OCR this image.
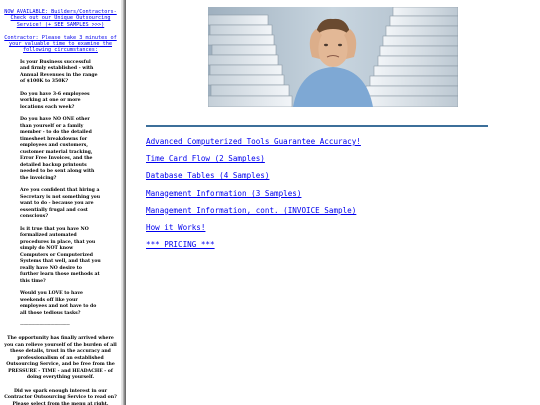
NOW AVAILABLE: Builders/Contractors-Check out our Unique Outsourcing Service! (+ SEE SAMPLES >>>)
Contractor: Please take 3 minutes of your valuable time to examine the following circumstances:
Is your Business successful and firmly established - with Annual Revenues in the range of $100K to 350K?
Do you have 3-6 employees working at one or more locations each week?
Do you have NO ONE other than yourself or a family member - to do the detailed timesheet breakdowns for employees and customers, customer material tracking, Error Free Invoices, and the detailed backup printouts needed to be sent along with the invoicing?
Are you confident that hiring a Secretary is not something you want to do - because you are essentially frugal and cost conscious?
Is it true that you have NO formalized automated procedures in place, that you simply do NOT know Computers or Computerized Systems that well, and that you really have NO desire to further learn those methods at this time?
Would you LOVE to have weekends off like your employees and not have to do all those tedious tasks?
-------------------------------------------
The opportunity has finally arrived where you can relieve yourself of the burden of all these details, trust in the accuracy and professionalism of an established Outsourcing Service, and be free from the PRESSURE - TIME - and HEADACHE - of doing everything yourself.
Did we spark enough interest in our Contractor Outsourcing Service to read on? Please select from the menu at right.
Advanced Computerized Tools Guarantee Accuracy!
Time Card Flow (2 Samples)
Database Tables (4 Samples)
Management Information (3 Samples)
Management Information, cont. (INVOICE Sample)
How it Works!
*** PRICING ***
